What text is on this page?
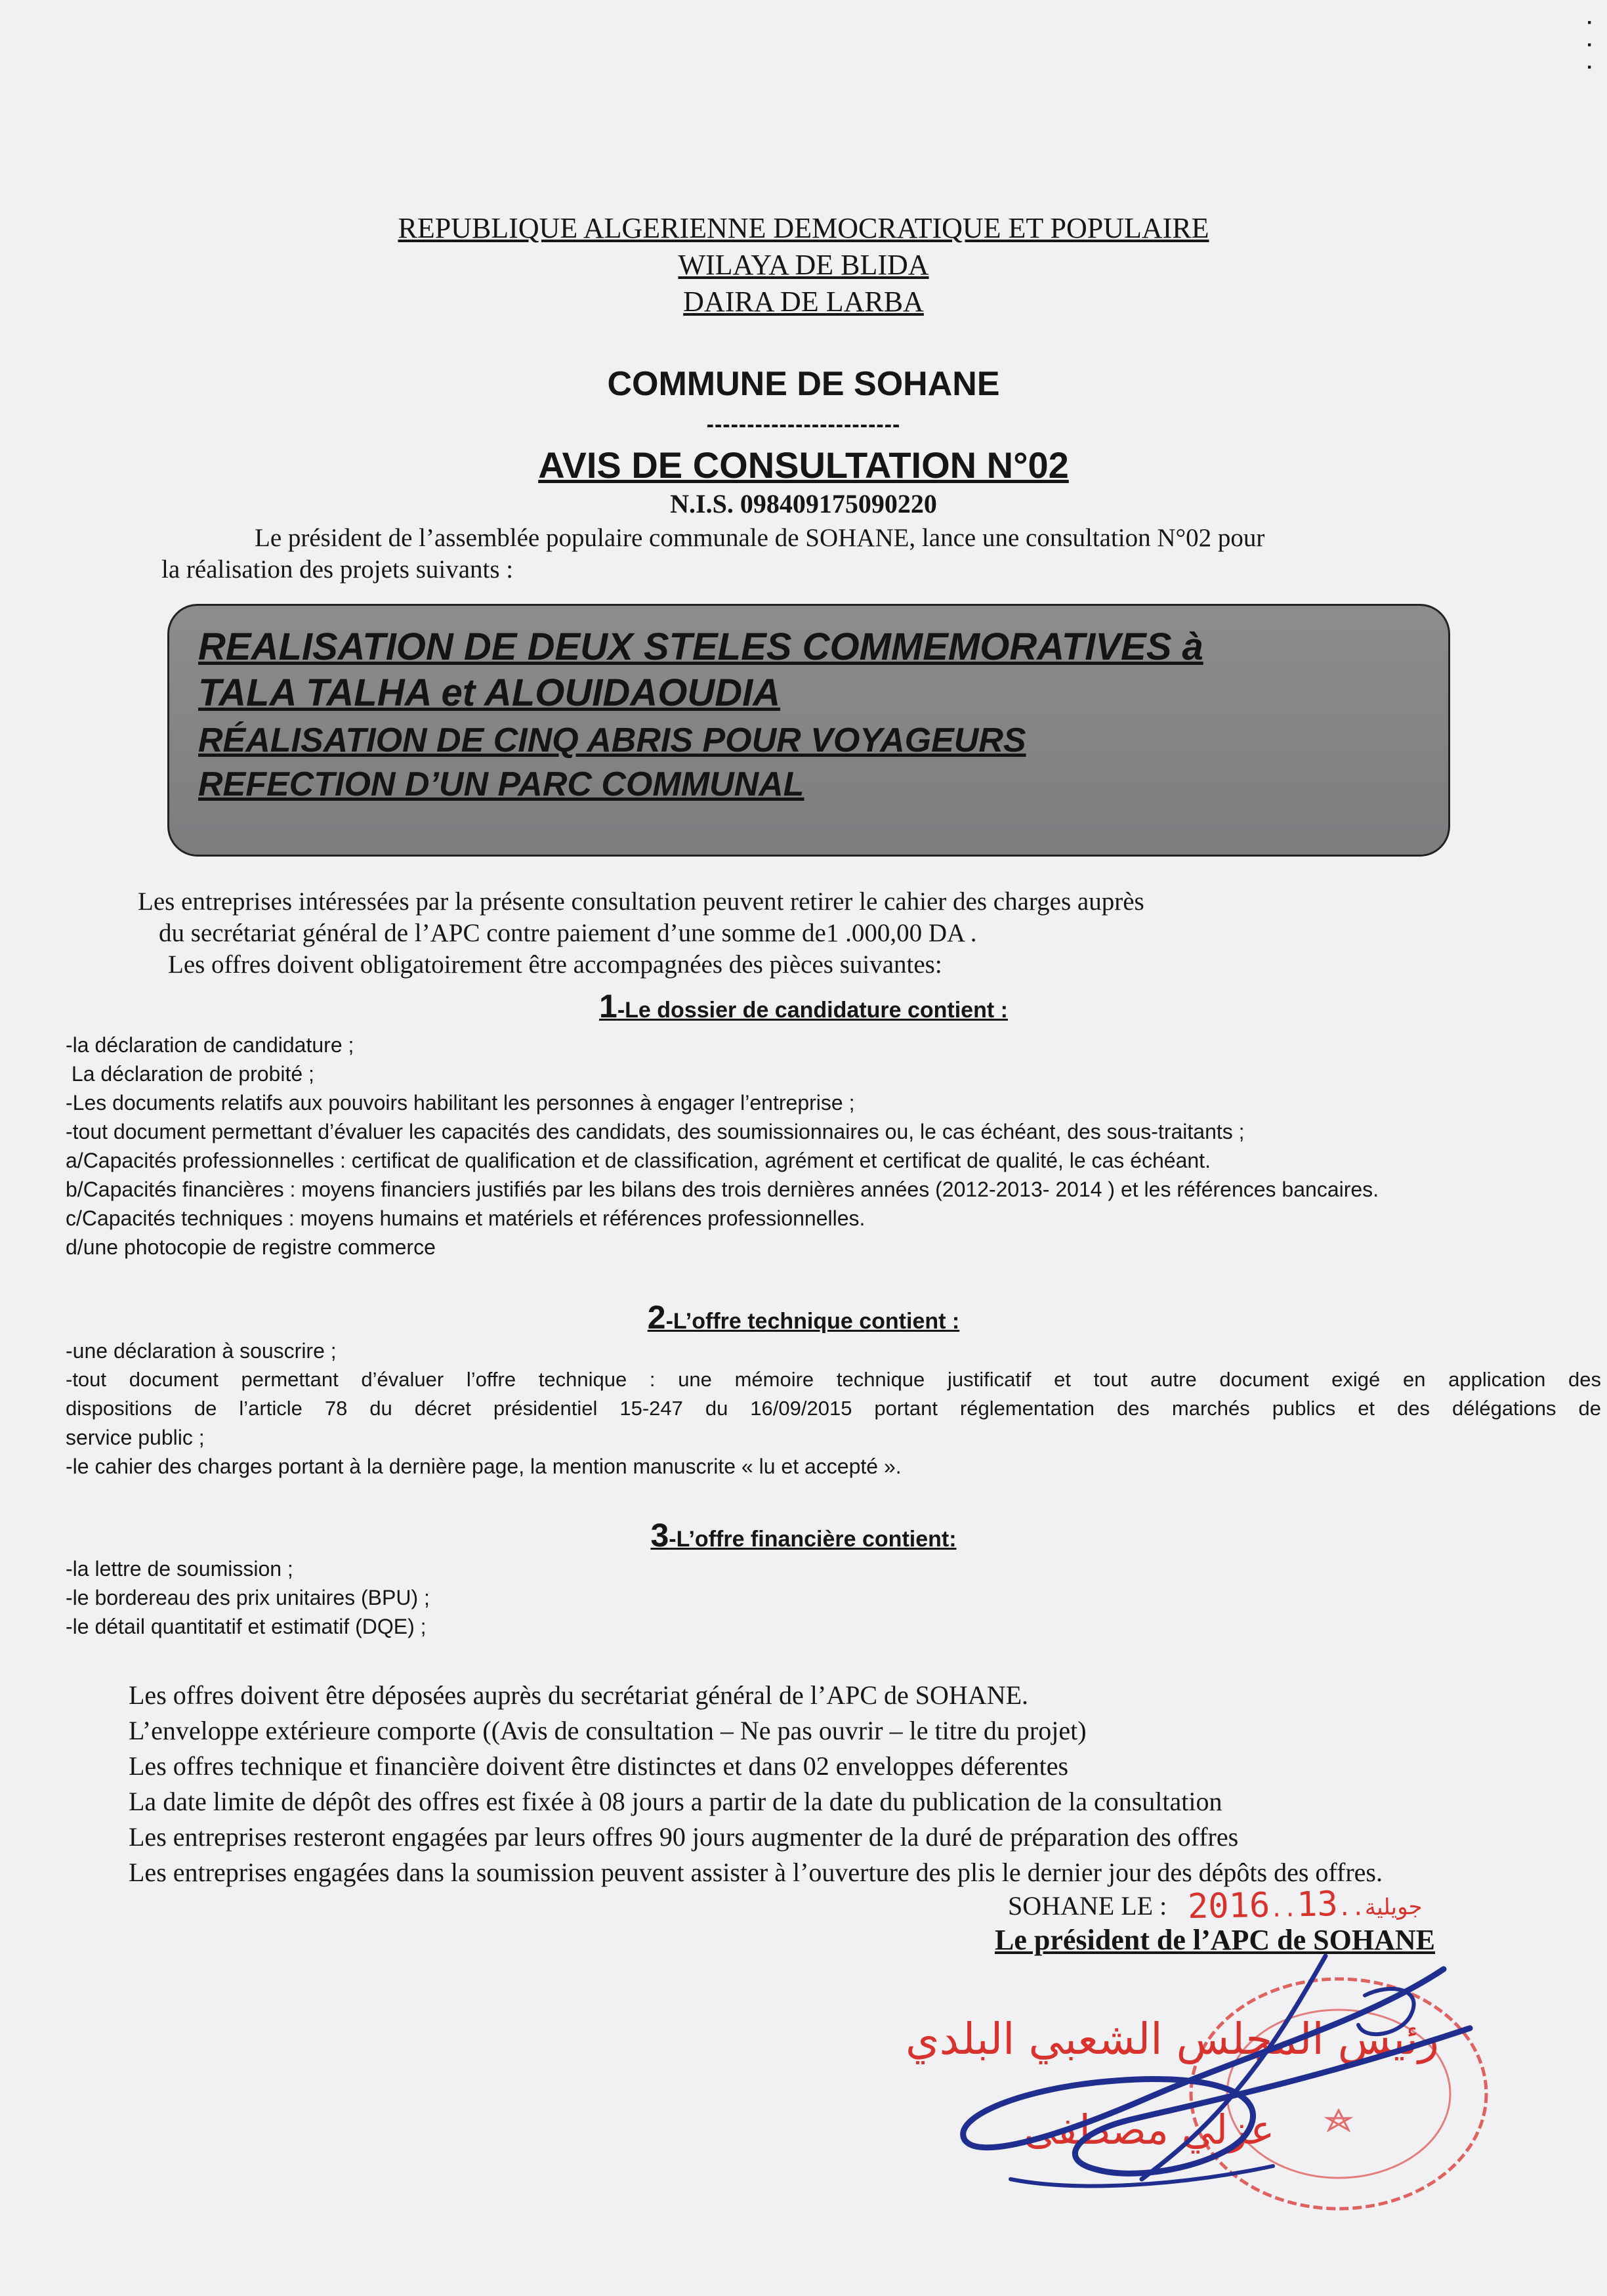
·
·
·
REPUBLIQUE ALGERIENNE DEMOCRATIQUE ET POPULAIRE
WILAYA DE BLIDA
DAIRA DE LARBA
COMMUNE DE SOHANE
------------------------
AVIS DE CONSULTATION N°02
N.I.S. 098409175090220
Le président de l’assemblée populaire communale de SOHANE, lance une consultation N°02 pour
la réalisation des projets suivants :
REALISATION DE DEUX STELES COMMEMORATIVES à
TALA TALHA et ALOUIDAOUDIA
RÉALISATION DE CINQ ABRIS POUR VOYAGEURS
REFECTION D’UN PARC COMMUNAL
Les entreprises intéressées par la présente consultation peuvent retirer le cahier des charges auprès
du secrétariat général de l’APC contre paiement d’une somme de1 .000,00 DA .
Les offres doivent obligatoirement être accompagnées des pièces suivantes:
1-Le dossier de candidature contient :
-la déclaration de candidature ;
La déclaration de probité ;
-Les documents relatifs aux pouvoirs habilitant les personnes à engager l’entreprise ;
-tout document permettant d’évaluer les capacités des candidats, des soumissionnaires ou, le cas échéant, des sous-traitants ;
a/Capacités professionnelles : certificat de qualification et de classification, agrément et certificat de qualité, le cas échéant.
b/Capacités financières : moyens financiers justifiés par les bilans des trois dernières années (2012-2013- 2014 ) et les références bancaires.
c/Capacités techniques : moyens humains et matériels et références professionnelles.
d/une photocopie de registre commerce
2-L’offre technique contient :
-une déclaration à souscrire ;
-tout document permettant d’évaluer l’offre technique : une mémoire technique justificatif et tout autre document exigé en application des
dispositions de l’article 78 du décret présidentiel 15-247 du 16/09/2015 portant réglementation des marchés publics et des délégations de
service public ;
-le cahier des charges portant à la dernière page, la mention manuscrite « lu et accepté ».
3-L’offre financière contient:
-la lettre de soumission ;
-le bordereau des prix unitaires (BPU) ;
-le détail quantitatif et estimatif (DQE) ;
Les offres doivent être déposées auprès du secrétariat général de l’APC de SOHANE.
L’enveloppe extérieure comporte ((Avis de consultation – Ne pas ouvrir – le titre du projet)
Les offres technique et financière doivent être distinctes et dans 02 enveloppes déferentes
La date limite de dépôt des offres est fixée à 08 jours a partir de la date du publication de la consultation
Les entreprises resteront engagées par leurs offres 90 jours augmenter de la duré de préparation des offres
Les entreprises engagées dans la soumission peuvent assister à l’ouverture des plis le dernier jour des dépôts des offres.
SOHANE LE : 2016..	جويلية..13
Le président de l’APC de SOHANE
رئيس المجلس الشعبي البلدي
عزلي مصطفى
